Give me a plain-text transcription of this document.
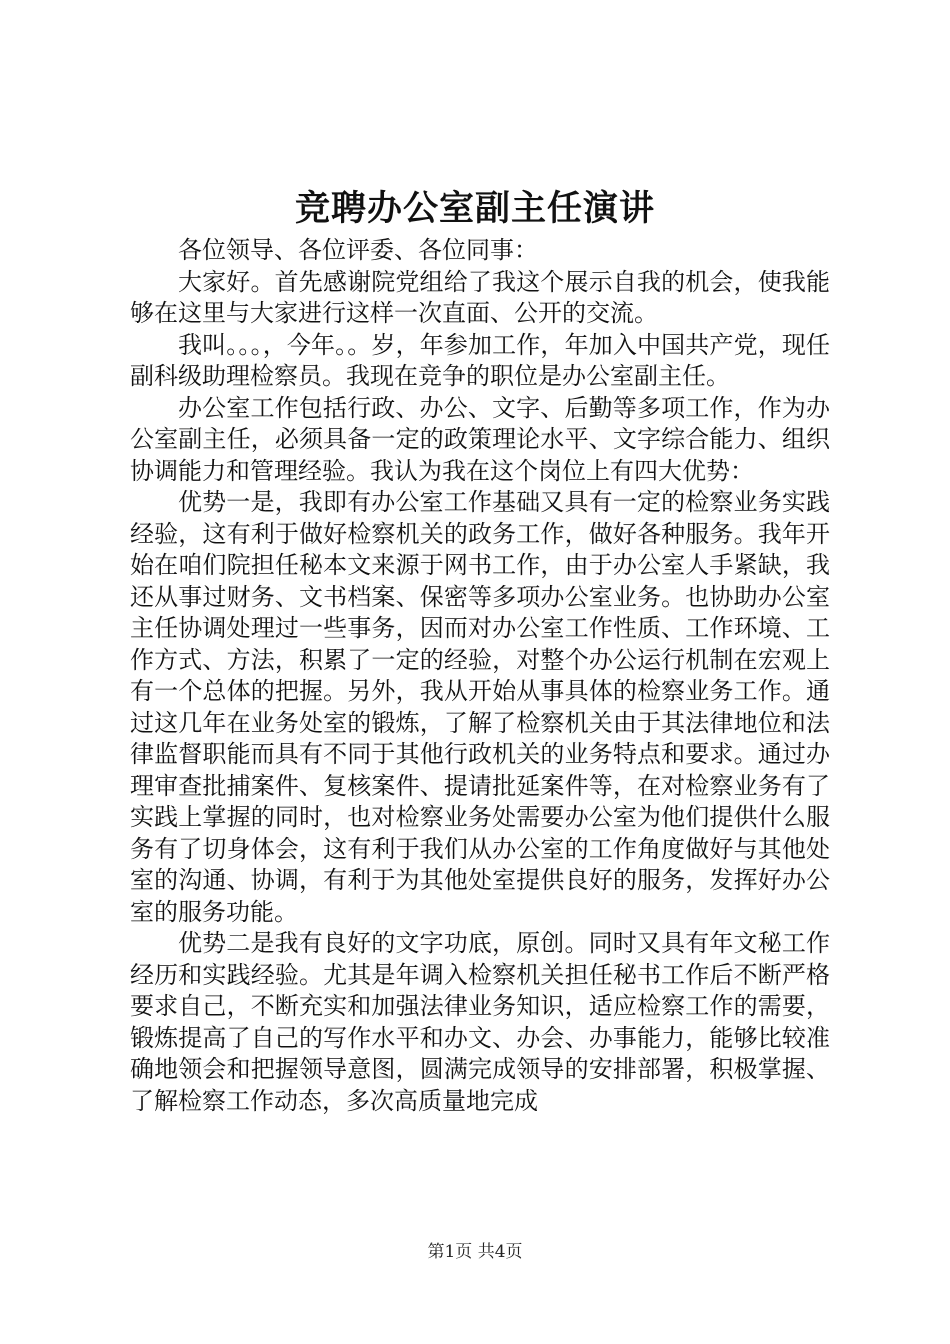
竞聘办公室副主任演讲

各位领导、各位评委、各位同事：

大家好。首先感谢院党组给了我这个展示自我的机会，使我能够在这里与大家进行这样一次直面、公开的交流。

我叫。。。，今年。。岁，年参加工作，年加入中国共产党，现任副科级助理检察员。我现在竞争的职位是办公室副主任。

办公室工作包括行政、办公、文字、后勤等多项工作，作为办公室副主任，必须具备一定的政策理论水平、文字综合能力、组织协调能力和管理经验。我认为我在这个岗位上有四大优势：

优势一是，我即有办公室工作基础又具有一定的检察业务实践经验，这有利于做好检察机关的政务工作，做好各种服务。我年开始在咱们院担任秘本文来源于网书工作，由于办公室人手紧缺，我还从事过财务、文书档案、保密等多项办公室业务。也协助办公室主任协调处理过一些事务，因而对办公室工作性质、工作环境、工作方式、方法，积累了一定的经验，对整个办公运行机制在宏观上有一个总体的把握。另外，我从开始从事具体的检察业务工作。通过这几年在业务处室的锻炼，了解了检察机关由于其法律地位和法律监督职能而具有不同于其他行政机关的业务特点和要求。通过办理审查批捕案件、复核案件、提请批延案件等，在对检察业务有了实践上掌握的同时，也对检察业务处需要办公室为他们提供什么服务有了切身体会，这有利于我们从办公室的工作角度做好与其他处室的沟通、协调，有利于为其他处室提供良好的服务，发挥好办公室的服务功能。

优势二是我有良好的文字功底，原创。同时又具有年文秘工作经历和实践经验。尤其是年调入检察机关担任秘书工作后不断严格要求自己，不断充实和加强法律业务知识，适应检察工作的需要，锻炼提高了自己的写作水平和办文、办会、办事能力，能够比较准确地领会和把握领导意图，圆满完成领导的安排部署，积极掌握、了解检察工作动态，多次高质量地完成

第1页 共4页
